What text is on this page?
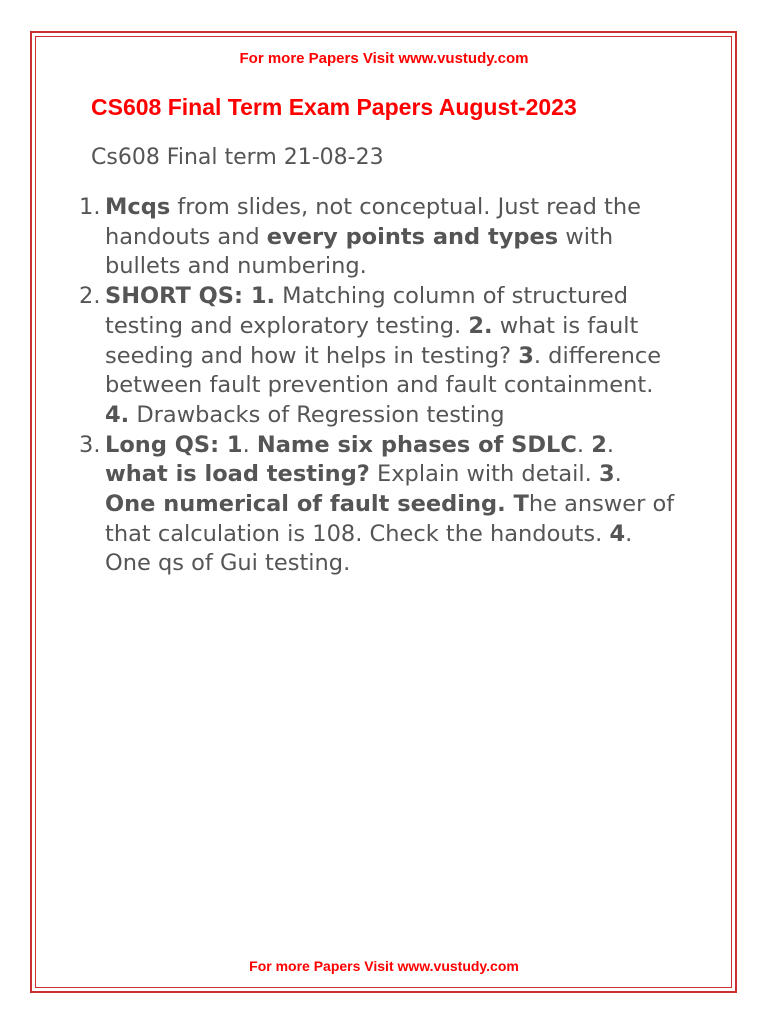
For more Papers Visit www.vustudy.com
CS608 Final Term Exam Papers August-2023
Cs608 Final term 21-08-23
1. Mcqs from slides, not conceptual. Just read the handouts and every points and types with bullets and numbering.
2. SHORT QS: 1. Matching column of structured testing and exploratory testing. 2. what is fault seeding and how it helps in testing? 3. difference between fault prevention and fault containment. 4. Drawbacks of Regression testing
3. Long QS: 1. Name six phases of SDLC. 2. what is load testing? Explain with detail. 3. One numerical of fault seeding. The answer of that calculation is 108. Check the handouts. 4. One qs of Gui testing.
For more Papers Visit www.vustudy.com
